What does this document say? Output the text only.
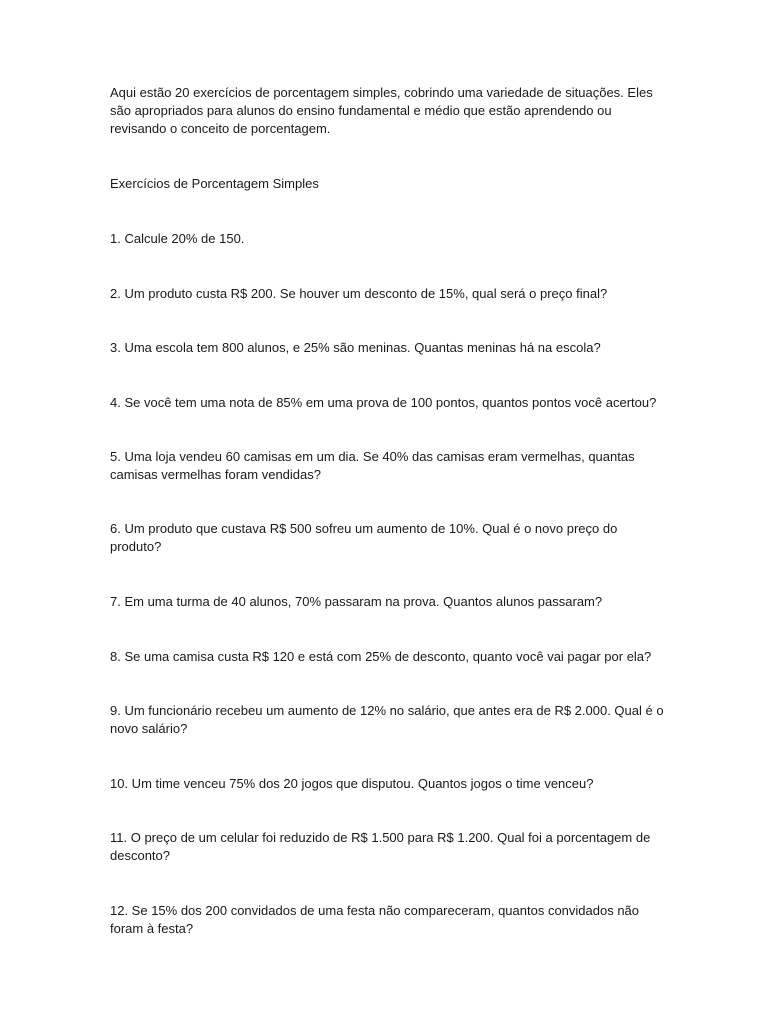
Aqui estão 20 exercícios de porcentagem simples, cobrindo uma variedade de situações. Eles são apropriados para alunos do ensino fundamental e médio que estão aprendendo ou revisando o conceito de porcentagem.

Exercícios de Porcentagem Simples

1. Calcule 20% de 150.

2. Um produto custa R$ 200. Se houver um desconto de 15%, qual será o preço final?

3. Uma escola tem 800 alunos, e 25% são meninas. Quantas meninas há na escola?

4. Se você tem uma nota de 85% em uma prova de 100 pontos, quantos pontos você acertou?

5. Uma loja vendeu 60 camisas em um dia. Se 40% das camisas eram vermelhas, quantas camisas vermelhas foram vendidas?

6. Um produto que custava R$ 500 sofreu um aumento de 10%. Qual é o novo preço do produto?

7. Em uma turma de 40 alunos, 70% passaram na prova. Quantos alunos passaram?

8. Se uma camisa custa R$ 120 e está com 25% de desconto, quanto você vai pagar por ela?

9. Um funcionário recebeu um aumento de 12% no salário, que antes era de R$ 2.000. Qual é o novo salário?

10. Um time venceu 75% dos 20 jogos que disputou. Quantos jogos o time venceu?

11. O preço de um celular foi reduzido de R$ 1.500 para R$ 1.200. Qual foi a porcentagem de desconto?

12. Se 15% dos 200 convidados de uma festa não compareceram, quantos convidados não foram à festa?
